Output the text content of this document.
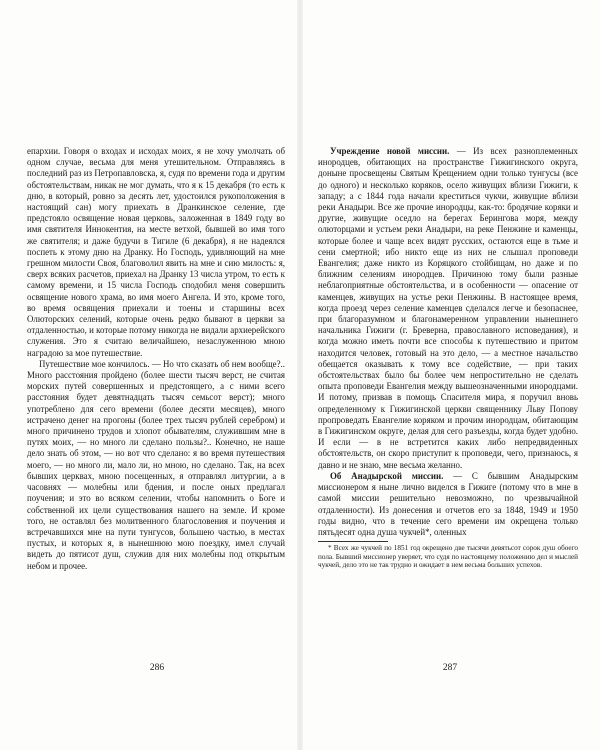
епархии. Говоря о входах и исходах моих, я не хочу умолчать об одном случае, весьма для меня утешительном. Отправляясь в последний раз из Петропавловска, я, судя по времени года и другим обстоятельствам, никак не мог думать, что я к 15 декабря (то есть к дню, в который, ровно за десять лет, удостоился рукоположения в настоящий сан) могу приехать в Дранкинское селение, где предстояло освящение новая церковь, заложенная в 1849 году во имя святителя Иннокентия, на месте ветхой, бывшей во имя того же святителя; и даже будучи в Тигиле (6 декабря), я не надеялся поспеть к этому дню на Дранку. Но Господь, удивляющий на мне грешном милости Своя, благоволил явить на мне и сию милость: я, сверх всяких расчетов, приехал на Дранку 13 числа утром, то есть к самому времени, и 15 числа Господь сподобил меня совершить освящение нового храма, во имя моего Ангела. И это, кроме того, во время освящения приехали и тоены и старшины всех Олюторских селений, которые очень редко бывают в церкви за отдаленностью, и которые потому никогда не видали архиерейского служения. Это я считаю величайшею, незаслуженною мною наградою за мое путешествие.

Путешествие мое кончилось. — Но что сказать об нем вообще?.. Много расстояния пройдено (более шести тысяч верст, не считая морских путей совершенных и предстоящего, а с ними всего расстояния будет девятнадцать тысяч семьсот верст); много употреблено для сего времени (более десяти месяцев), много истрачено денег на прогоны (более трех тысяч рублей серебром) и много причинено трудов и хлопот обывателям, служившим мне в путях моих, — но много ли сделано пользы?.. Конечно, не наше дело знать об этом, — но вот что сделано: я во время путешествия моего, — но много ли, мало ли, но мною, но сделано. Так, на всех бывших церквах, мною посещенных, я отправлял литургии, а в часовнях — молебны или бдения, и после оных предлагал поучения; и это во всяком селении, чтобы напомнить о Боге и собственной их цели существования нашего на земле. И кроме того, не оставлял без молитвенного благословения и поучения и встречавшихся мне на пути тунгусов, большею частью, в местах пустых, и которых я, в нынешнюю мою поездку, имел случай видеть до пятисот душ, служив для них молебны под открытым небом и прочее.

286

Учреждение новой миссии. — Из всех разноплеменных инородцев, обитающих на пространстве Гижигинского округа, доныне просвещены Святым Крещением одни только тунгусы (все до одного) и несколько коряков, осело живущих вблизи Гижиги, к западу; а с 1844 года начали креститься чукчи, живущие вблизи реки Анадыри. Все же прочие инородцы, как-то: бродячие коряки и другие, живущие оседло на берегах Берингова моря, между олюторцами и устьем реки Анадыри, на реке Пенжине и каменцы, которые более и чаще всех видят русских, остаются еще в тьме и сени смертной; ибо никто еще из них не слышал проповеди Евангелия; даже никто из Коряцкого стойбищам, но даже и по ближним селениям инородцев. Причиною тому были разные неблагоприятные обстоятельства, и в особенности — опасение от каменцев, живущих на устье реки Пенжины. В настоящее время, когда проезд через селение каменцев сделался легче и безопаснее, при благоразумном и благонамеренном управлении нынешнего начальника Гижиги (г. Бреверна, православного исповедания), и когда можно иметь почти все способы к путешествию и притом находится человек, готовый на это дело, — а местное начальство обещается оказывать к тому все содействие, — при таких обстоятельствах было бы более чем непростительно не сделать опыта проповеди Евангелия между вышеозначенными инородцами. И потому, призвав в помощь Спасителя мира, я поручил вновь определенному к Гижигинской церкви священнику Льву Попову пропроведать Евангелие коряком и прочим инородцам, обитающим в Гижигинском округе, делая для сего разъезды, когда будет удобно. И если — в не встретится каких либо непредвиденных обстоятельств, он скоро приступит к проповеди, чего, признаюсь, я давно и не знаю, мне весьма желанно.

Об Анадырской миссии. — С бывшим Анадырским миссионером я ныне лично виделся в Гижиге (потому что в мне в самой миссии решительно невозможно, по чрезвычайной отдаленности). Из донесения и отчетов его за 1848, 1949 и 1950 годы видно, что в течение сего времени им окрещена только пятьдесят одна душа чукчей*, оленных

* Всех же чукчей по 1851 год окрещено две тысячи девятьсот сорок душ обоего пола. Бывший миссионер уверяет, что судя по настоящему положению дел и мыслей чукчей, дело это не так трудно и ожидает в нем весьма больших успехов.

287
